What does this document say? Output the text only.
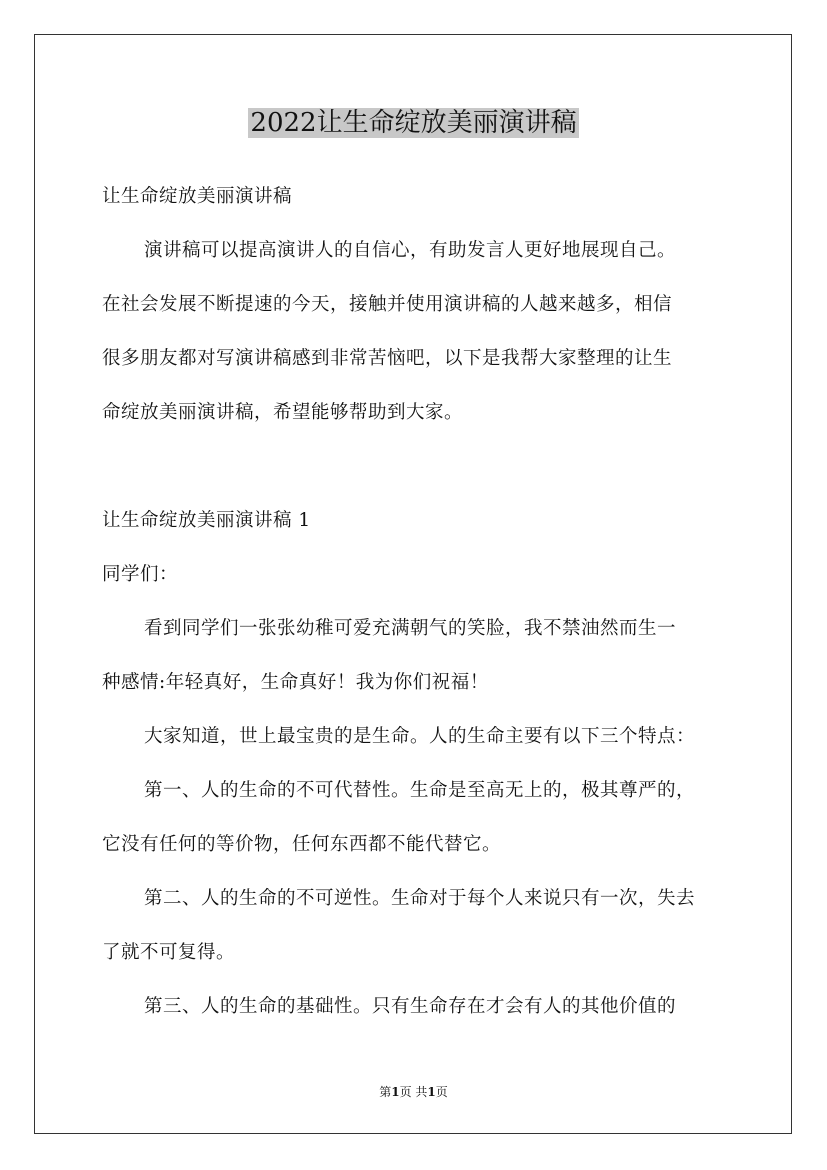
2022让生命绽放美丽演讲稿

让生命绽放美丽演讲稿

演讲稿可以提高演讲人的自信心，有助发言人更好地展现自己。

在社会发展不断提速的今天，接触并使用演讲稿的人越来越多，相信

很多朋友都对写演讲稿感到非常苦恼吧，以下是我帮大家整理的让生

命绽放美丽演讲稿，希望能够帮助到大家。

让生命绽放美丽演讲稿 1

同学们：

看到同学们一张张幼稚可爱充满朝气的笑脸，我不禁油然而生一

种感情:年轻真好，生命真好！我为你们祝福！

大家知道，世上最宝贵的是生命。人的生命主要有以下三个特点：

第一、人的生命的不可代替性。生命是至高无上的，极其尊严的，

它没有任何的等价物，任何东西都不能代替它。

第二、人的生命的不可逆性。生命对于每个人来说只有一次，失去

了就不可复得。

第三、人的生命的基础性。只有生命存在才会有人的其他价值的

第1页 共1页
